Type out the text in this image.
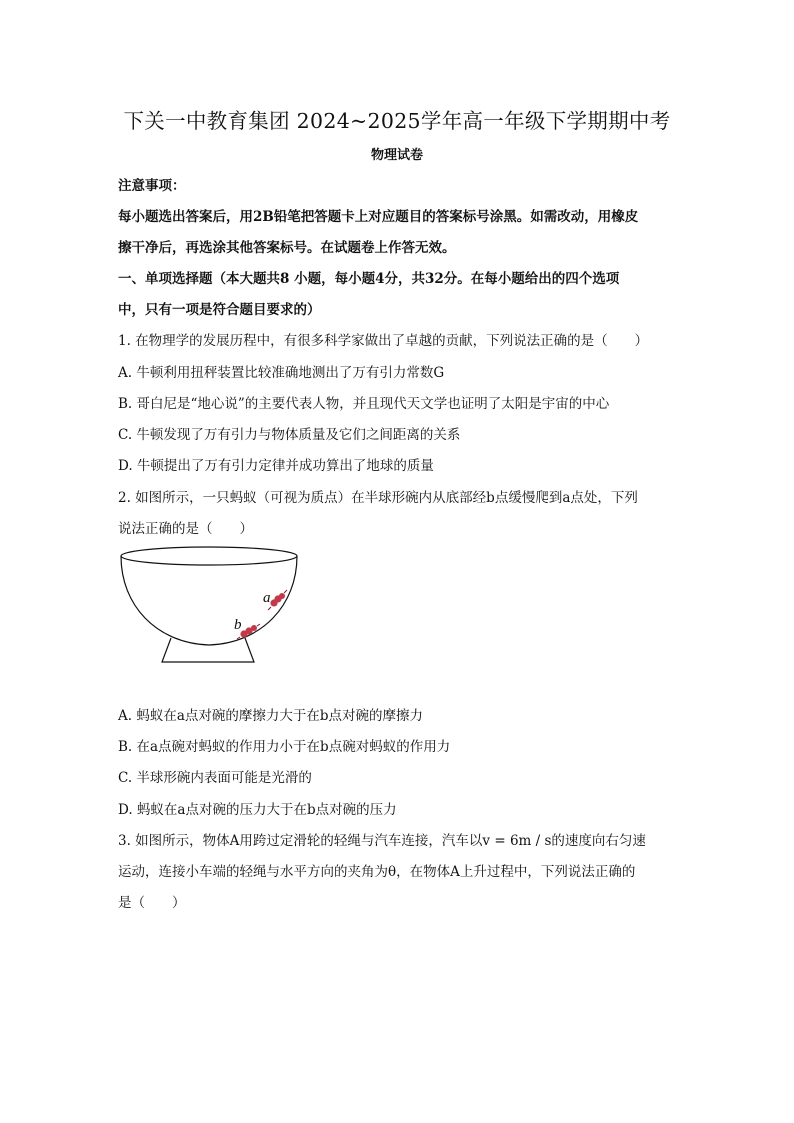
下关一中教育集团 2024~2025学年高一年级下学期期中考
物理试卷
注意事项：
每小题选出答案后，用2B铅笔把答题卡上对应题目的答案标号涂黑。如需改动，用橡皮
擦干净后，再选涂其他答案标号。在试题卷上作答无效。
一、单项选择题（本大题共8 小题，每小题4分，共32分。在每小题给出的四个选项
中，只有一项是符合题目要求的）
1. 在物理学的发展历程中，有很多科学家做出了卓越的贡献，下列说法正确的是（　　）
A. 牛顿利用扭秤装置比较准确地测出了万有引力常数G
B. 哥白尼是“地心说”的主要代表人物，并且现代天文学也证明了太阳是宇宙的中心
C. 牛顿发现了万有引力与物体质量及它们之间距离的关系
D. 牛顿提出了万有引力定律并成功算出了地球的质量
2. 如图所示，一只蚂蚁（可视为质点）在半球形碗内从底部经b点缓慢爬到a点处，下列
说法正确的是（　　）
a
b
A. 蚂蚁在a点对碗的摩擦力大于在b点对碗的摩擦力
B. 在a点碗对蚂蚁的作用力小于在b点碗对蚂蚁的作用力
C. 半球形碗内表面可能是光滑的
D. 蚂蚁在a点对碗的压力大于在b点对碗的压力
3. 如图所示，物体A用跨过定滑轮的轻绳与汽车连接，汽车以v = 6m / s的速度向右匀速
运动，连接小车端的轻绳与水平方向的夹角为θ，在物体A上升过程中，下列说法正确的
是（　　）
